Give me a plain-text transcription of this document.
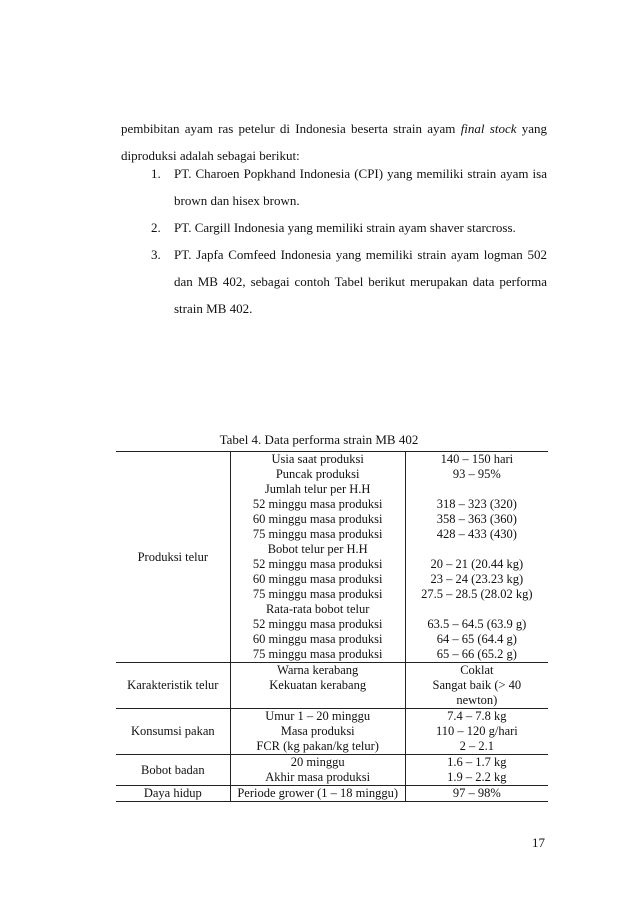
pembibitan ayam ras petelur di Indonesia beserta strain ayam final stock yang
diproduksi adalah sebagai berikut:
1. PT. Charoen Popkhand Indonesia (CPI) yang memiliki strain ayam isa
brown dan hisex brown.
2. PT. Cargill Indonesia yang memiliki strain ayam shaver starcross.
3. PT. Japfa Comfeed Indonesia yang memiliki strain ayam logman 502
dan MB 402, sebagai contoh Tabel berikut merupakan data performa
strain MB 402.
Tabel 4. Data performa strain MB 402
Produksi telur	Usia saat produksi	140 – 150 hari
	Puncak produksi	93 – 95%
	Jumlah telur per H.H	
	52 minggu masa produksi	318 – 323 (320)
	60 minggu masa produksi	358 – 363 (360)
	75 minggu masa produksi	428 – 433 (430)
	Bobot telur per H.H	
	52 minggu masa produksi	20 – 21 (20.44 kg)
	60 minggu masa produksi	23 – 24 (23.23 kg)
	75 minggu masa produksi	27.5 – 28.5 (28.02 kg)
	Rata-rata bobot telur	
	52 minggu masa produksi	63.5 – 64.5 (63.9 g)
	60 minggu masa produksi	64 – 65 (64.4 g)
	75 minggu masa produksi	65 – 66 (65.2 g)
Karakteristik telur	Warna kerabang	Coklat
	Kekuatan kerabang	Sangat baik (> 40
		newton)
Konsumsi pakan	Umur 1 – 20 minggu	7.4 – 7.8 kg
	Masa produksi	110 – 120 g/hari
	FCR (kg pakan/kg telur)	2 – 2.1
Bobot badan	20 minggu	1.6 – 1.7 kg
	Akhir masa produksi	1.9 – 2.2 kg
Daya hidup	Periode grower (1 – 18 minggu)	97 – 98%
17
